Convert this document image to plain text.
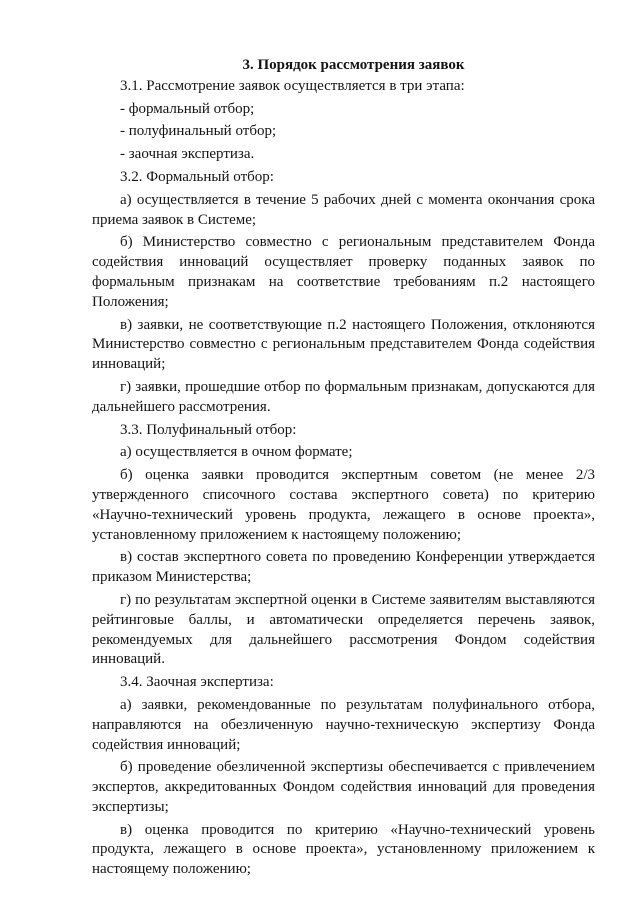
3. Порядок рассмотрения заявок
3.1. Рассмотрение заявок осуществляется в три этапа:
- формальный отбор;
- полуфинальный отбор;
- заочная экспертиза.
3.2. Формальный отбор:
а) осуществляется в течение 5 рабочих дней с момента окончания срока приема заявок в Системе;
б) Министерство совместно с региональным представителем Фонда содействия инноваций осуществляет проверку поданных заявок по формальным признакам на соответствие требованиям п.2 настоящего Положения;
в) заявки, не соответствующие п.2 настоящего Положения, отклоняются Министерство совместно с региональным представителем Фонда содействия инноваций;
г) заявки, прошедшие отбор по формальным признакам, допускаются для дальнейшего рассмотрения.
3.3. Полуфинальный отбор:
а) осуществляется в очном формате;
б) оценка заявки проводится экспертным советом (не менее 2/3 утвержденного списочного состава экспертного совета) по критерию «Научно-технический уровень продукта, лежащего в основе проекта», установленному приложением к настоящему положению;
в) состав экспертного совета по проведению Конференции утверждается приказом Министерства;
г) по результатам экспертной оценки в Системе заявителям выставляются рейтинговые баллы, и автоматически определяется перечень заявок, рекомендуемых для дальнейшего рассмотрения Фондом содействия инноваций.
3.4. Заочная экспертиза:
а) заявки, рекомендованные по результатам полуфинального отбора, направляются на обезличенную научно-техническую экспертизу Фонда содействия инноваций;
б) проведение обезличенной экспертизы обеспечивается с привлечением экспертов, аккредитованных Фондом содействия инноваций для проведения экспертизы;
в) оценка проводится по критерию «Научно-технический уровень продукта, лежащего в основе проекта», установленному приложением к настоящему положению;
